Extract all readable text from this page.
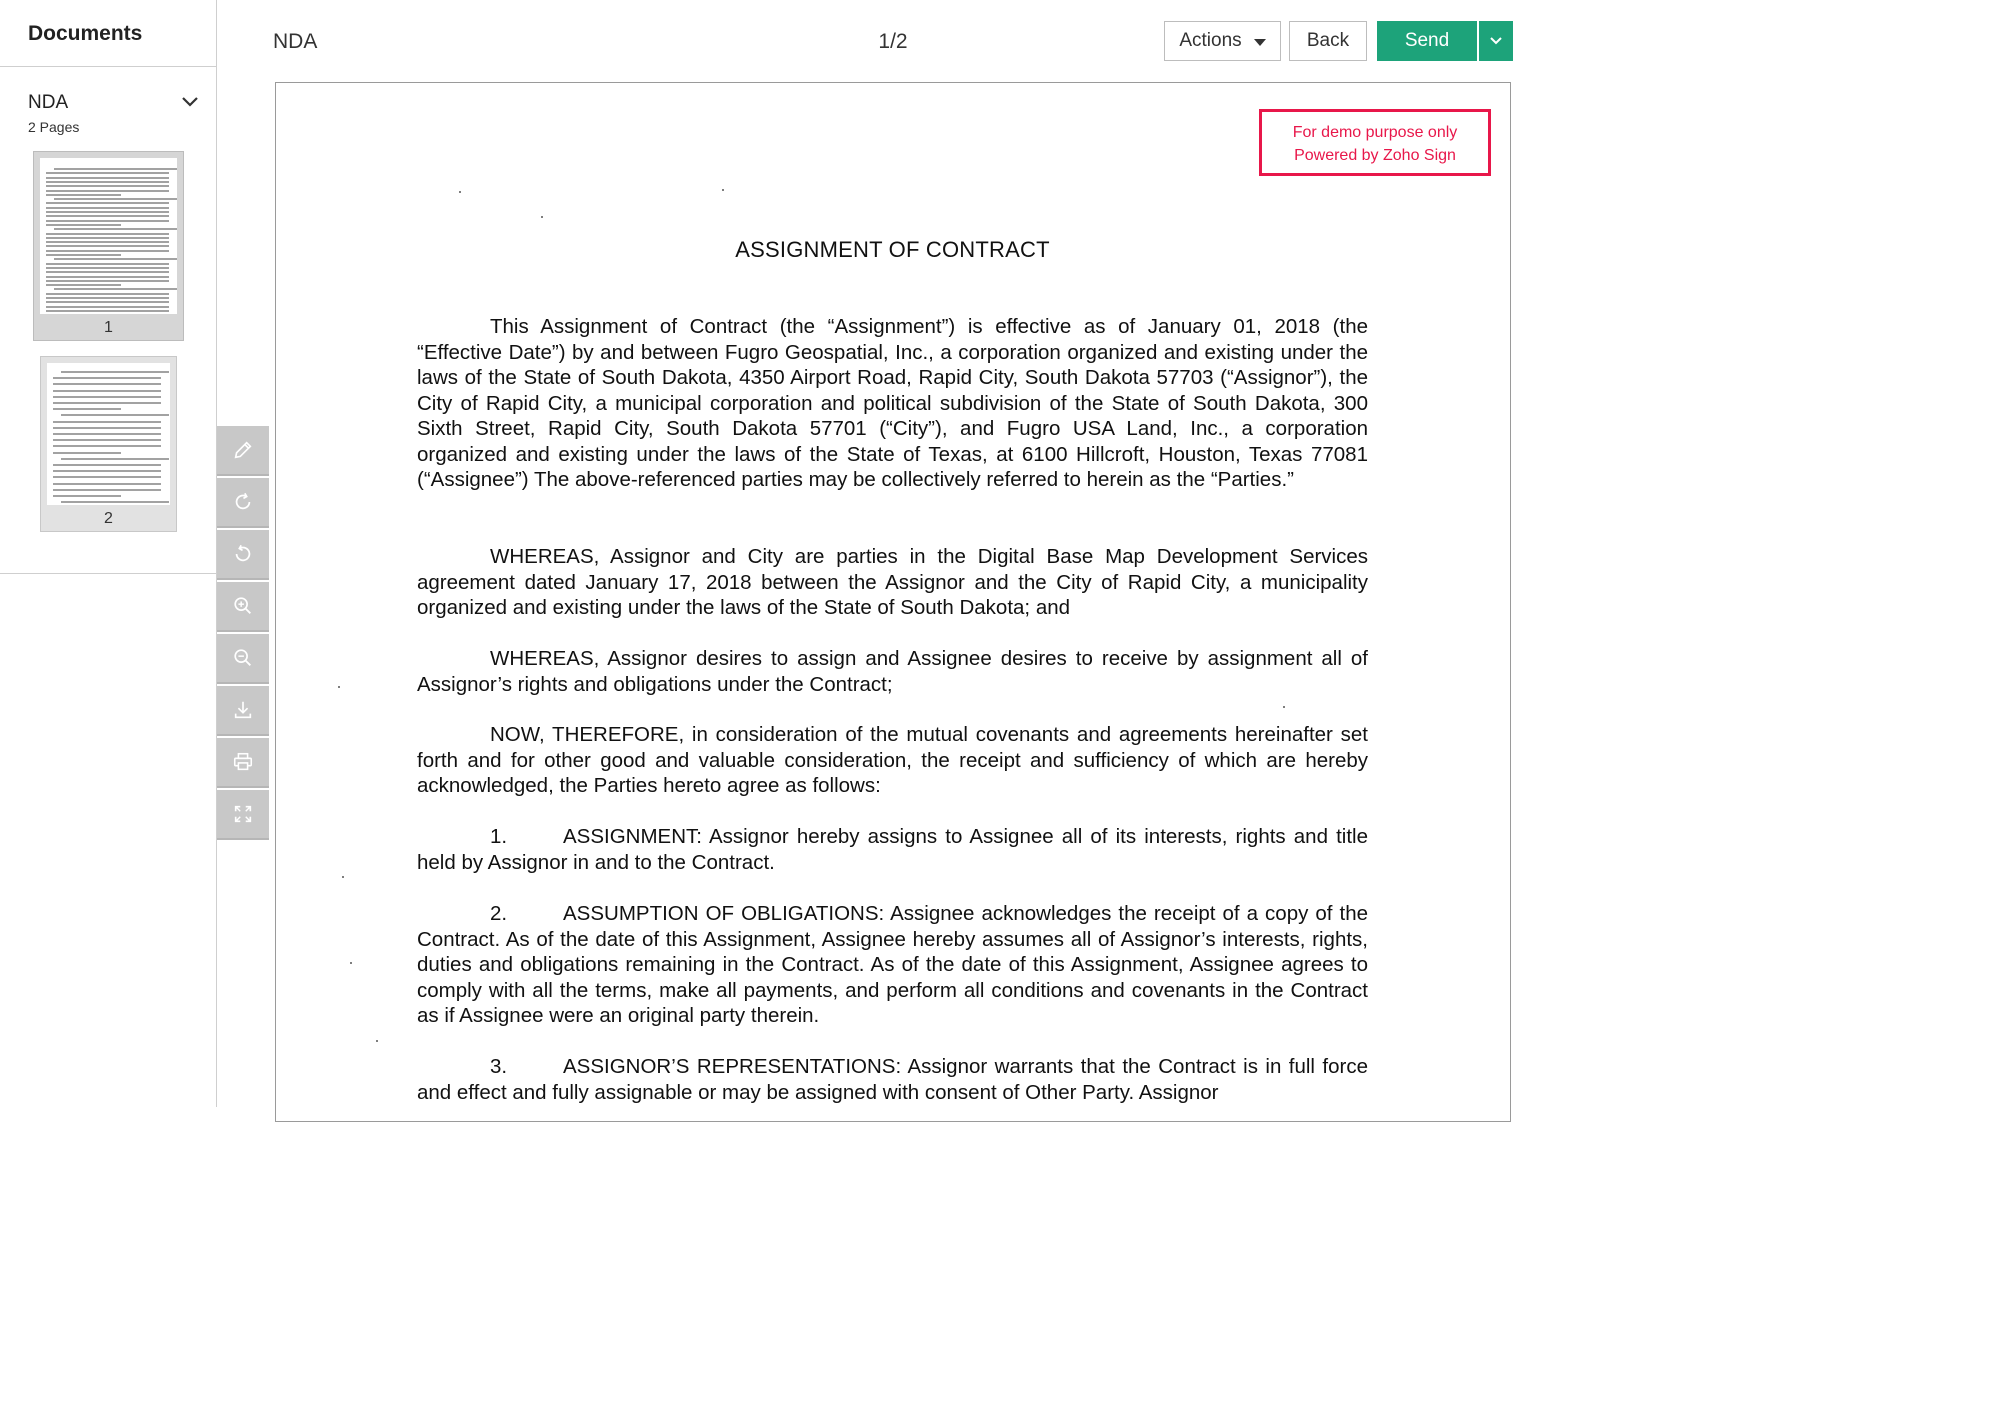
Documents
NDA
2 Pages
1
2
NDA	1/2	Actions	Back	Send
For demo purpose only
Powered by Zoho Sign
ASSIGNMENT OF CONTRACT

This Assignment of Contract (the “Assignment”) is effective as of January 01, 2018 (the “Effective Date”) by and between Fugro Geospatial, Inc., a corporation organized and existing under the laws of the State of South Dakota, 4350 Airport Road, Rapid City, South Dakota 57703 (“Assignor”), the City of Rapid City, a municipal corporation and political subdivision of the State of South Dakota, 300 Sixth Street, Rapid City, South Dakota 57701 (“City”), and Fugro USA Land, Inc., a corporation organized and existing under the laws of the State of Texas, at 6100 Hillcroft, Houston, Texas 77081 (“Assignee”) The above-referenced parties may be collectively referred to herein as the “Parties.”

WHEREAS, Assignor and City are parties in the Digital Base Map Development Services agreement dated January 17, 2018 between the Assignor and the City of Rapid City, a municipality organized and existing under the laws of the State of South Dakota; and

WHEREAS, Assignor desires to assign and Assignee desires to receive by assignment all of Assignor’s rights and obligations under the Contract;

NOW, THEREFORE, in consideration of the mutual covenants and agreements hereinafter set forth and for other good and valuable consideration, the receipt and sufficiency of which are hereby acknowledged, the Parties hereto agree as follows:

1.	ASSIGNMENT: Assignor hereby assigns to Assignee all of its interests, rights and title held by Assignor in and to the Contract.

2.	ASSUMPTION OF OBLIGATIONS: Assignee acknowledges the receipt of a copy of the Contract. As of the date of this Assignment, Assignee hereby assumes all of Assignor’s interests, rights, duties and obligations remaining in the Contract. As of the date of this Assignment, Assignee agrees to comply with all the terms, make all payments, and perform all conditions and covenants in the Contract as if Assignee were an original party therein.

3.	ASSIGNOR’S REPRESENTATIONS: Assignor warrants that the Contract is in full force and effect and fully assignable or may be assigned with consent of Other Party. Assignor
